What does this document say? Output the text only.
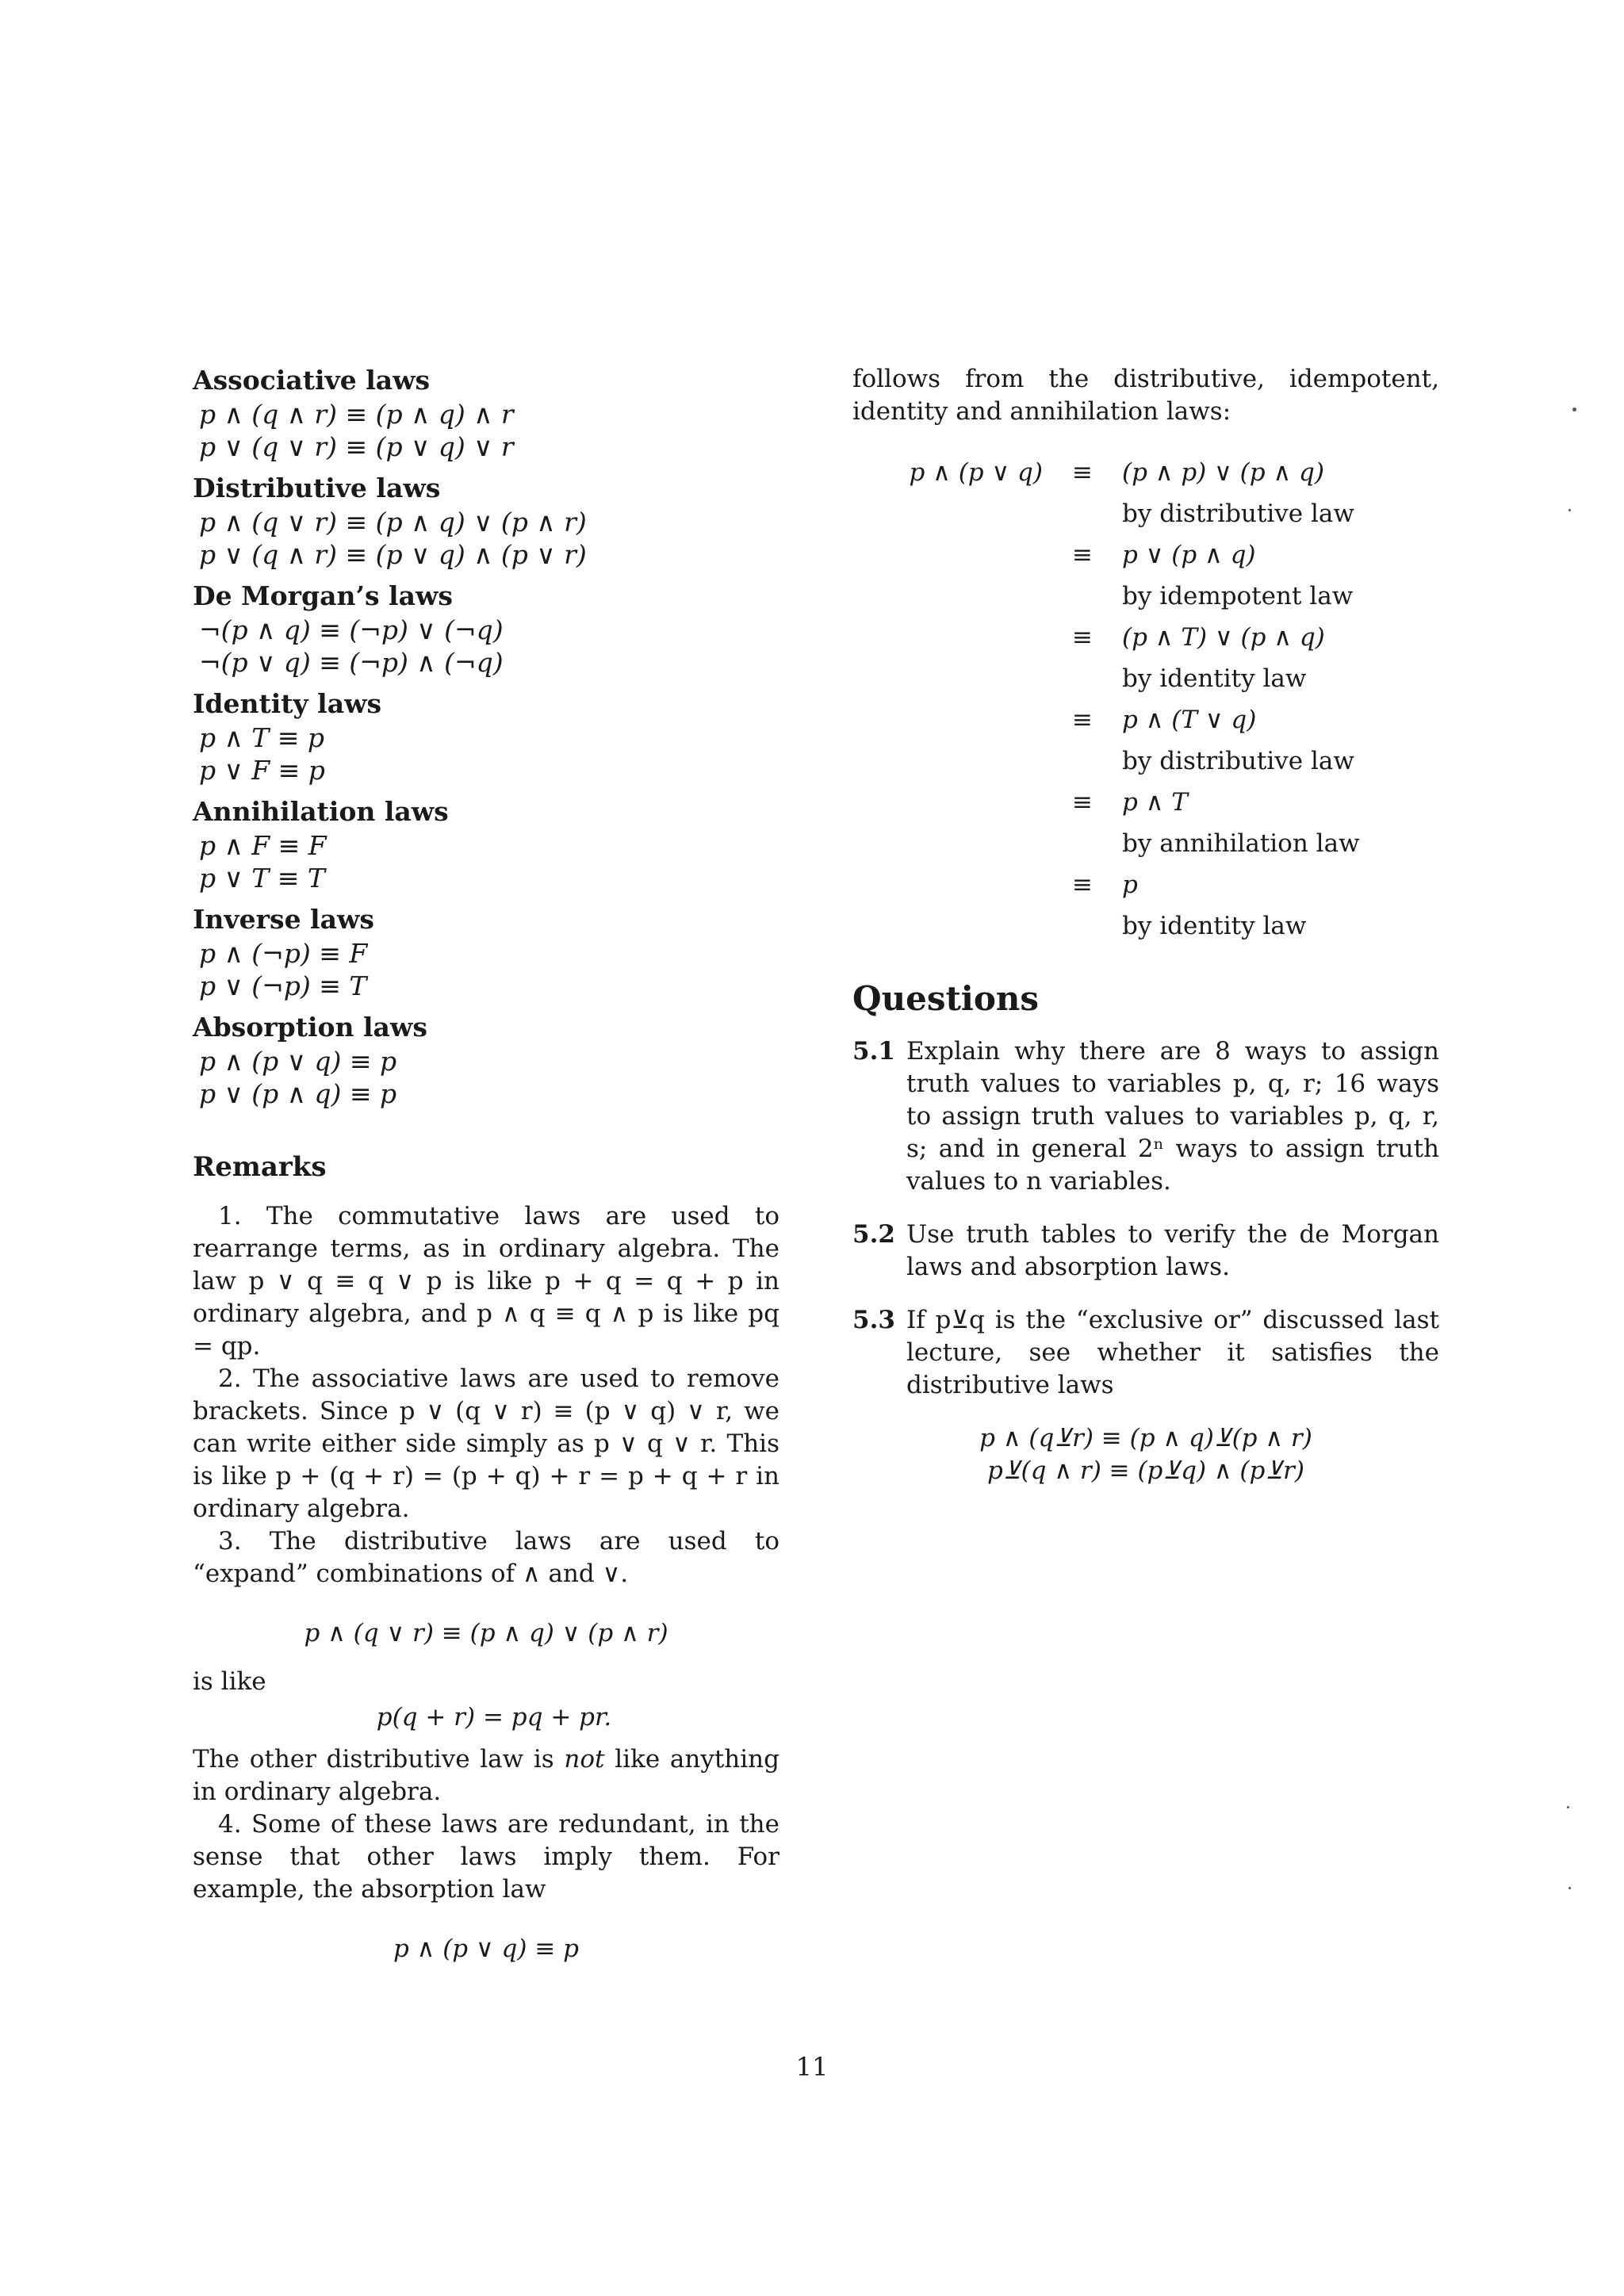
Associative laws

p ∧ (q ∧ r) ≡ (p ∧ q) ∧ r

p ∨ (q ∨ r) ≡ (p ∨ q) ∨ r

Distributive laws

p ∧ (q ∨ r) ≡ (p ∧ q) ∨ (p ∧ r)

p ∨ (q ∧ r) ≡ (p ∨ q) ∧ (p ∨ r)

De Morgan’s laws

¬(p ∧ q) ≡ (¬p) ∨ (¬q)

¬(p ∨ q) ≡ (¬p) ∧ (¬q)

Identity laws

p ∧ T ≡ p

p ∨ F ≡ p

Annihilation laws

p ∧ F ≡ F

p ∨ T ≡ T

Inverse laws

p ∧ (¬p) ≡ F

p ∨ (¬p) ≡ T

Absorption laws

p ∧ (p ∨ q) ≡ p

p ∨ (p ∧ q) ≡ p

Remarks

1. The commutative laws are used to rearrange terms, as in ordinary algebra. The law p ∨ q ≡ q ∨ p is like p + q = q + p in ordinary algebra, and p ∧ q ≡ q ∧ p is like pq = qp.

2. The associative laws are used to remove brackets. Since p ∨ (q ∨ r) ≡ (p ∨ q) ∨ r, we can write either side simply as p ∨ q ∨ r. This is like p + (q + r) = (p + q) + r = p + q + r in ordinary algebra.

3. The distributive laws are used to “expand” combinations of ∧ and ∨.

p ∧ (q ∨ r) ≡ (p ∧ q) ∨ (p ∧ r)

is like

p(q + r) = pq + pr.

The other distributive law is not like anything in ordinary algebra.

4. Some of these laws are redundant, in the sense that other laws imply them. For example, the absorption law

p ∧ (p ∨ q) ≡ p

follows from the distributive, idempotent, identity and annihilation laws:

p ∧ (p ∨ q)	≡	(p ∧ p) ∨ (p ∧ q)
by distributive law
≡	p ∨ (p ∧ q)
by idempotent law
≡	(p ∧ T) ∨ (p ∧ q)
by identity law
≡	p ∧ (T ∨ q)
by distributive law
≡	p ∧ T
by annihilation law
≡	p
by identity law

Questions

5.1 Explain why there are 8 ways to assign truth values to variables p, q, r; 16 ways to assign truth values to variables p, q, r, s; and in general 2ⁿ ways to assign truth values to n variables.
5.2 Use truth tables to verify the de Morgan laws and absorption laws.
5.3 If p⊻q is the “exclusive or” discussed last lecture, see whether it satisfies the distributive laws
p ∧ (q⊻r) ≡ (p ∧ q)⊻(p ∧ r)
p⊻(q ∧ r) ≡ (p⊻q) ∧ (p⊻r)
11
